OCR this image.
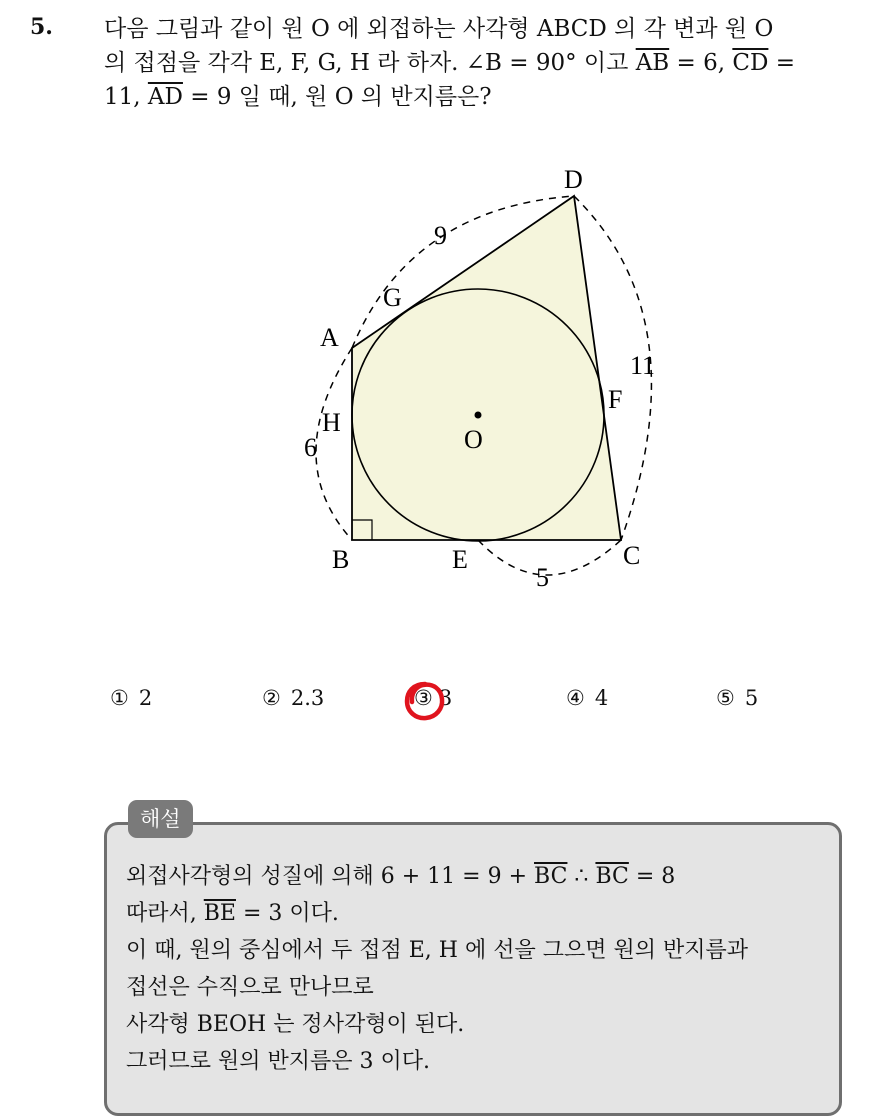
5. 다음 그림과 같이 원 O 에 외접하는 사각형 ABCD 의 각 변과 원 O
의 접점을 각각 E, F, G, H 라 하자. ∠B = 90° 이고 $\overline{AB} = 6$, $\overline{CD}$ =
11, $\overline{AD} = 9$ 일 때, 원 O 의 반지름은?
D
G
A
H
F
O
B	E	C
9
11
6
5
① 2	② 2.3	③ 3	④ 4	⑤ 5
해설
외접사각형의 성질에 의해 $6 + 11 = 9 + \overline{BC}$ ∴ $\overline{BC} = 8$
따라서, $\overline{BE} = 3$ 이다.
이 때, 원의 중심에서 두 접점 E, H 에 선을 그으면 원의 반지름과
접선은 수직으로 만나므로
사각형 BEOH 는 정사각형이 된다.
그러므로 원의 반지름은 3 이다.
